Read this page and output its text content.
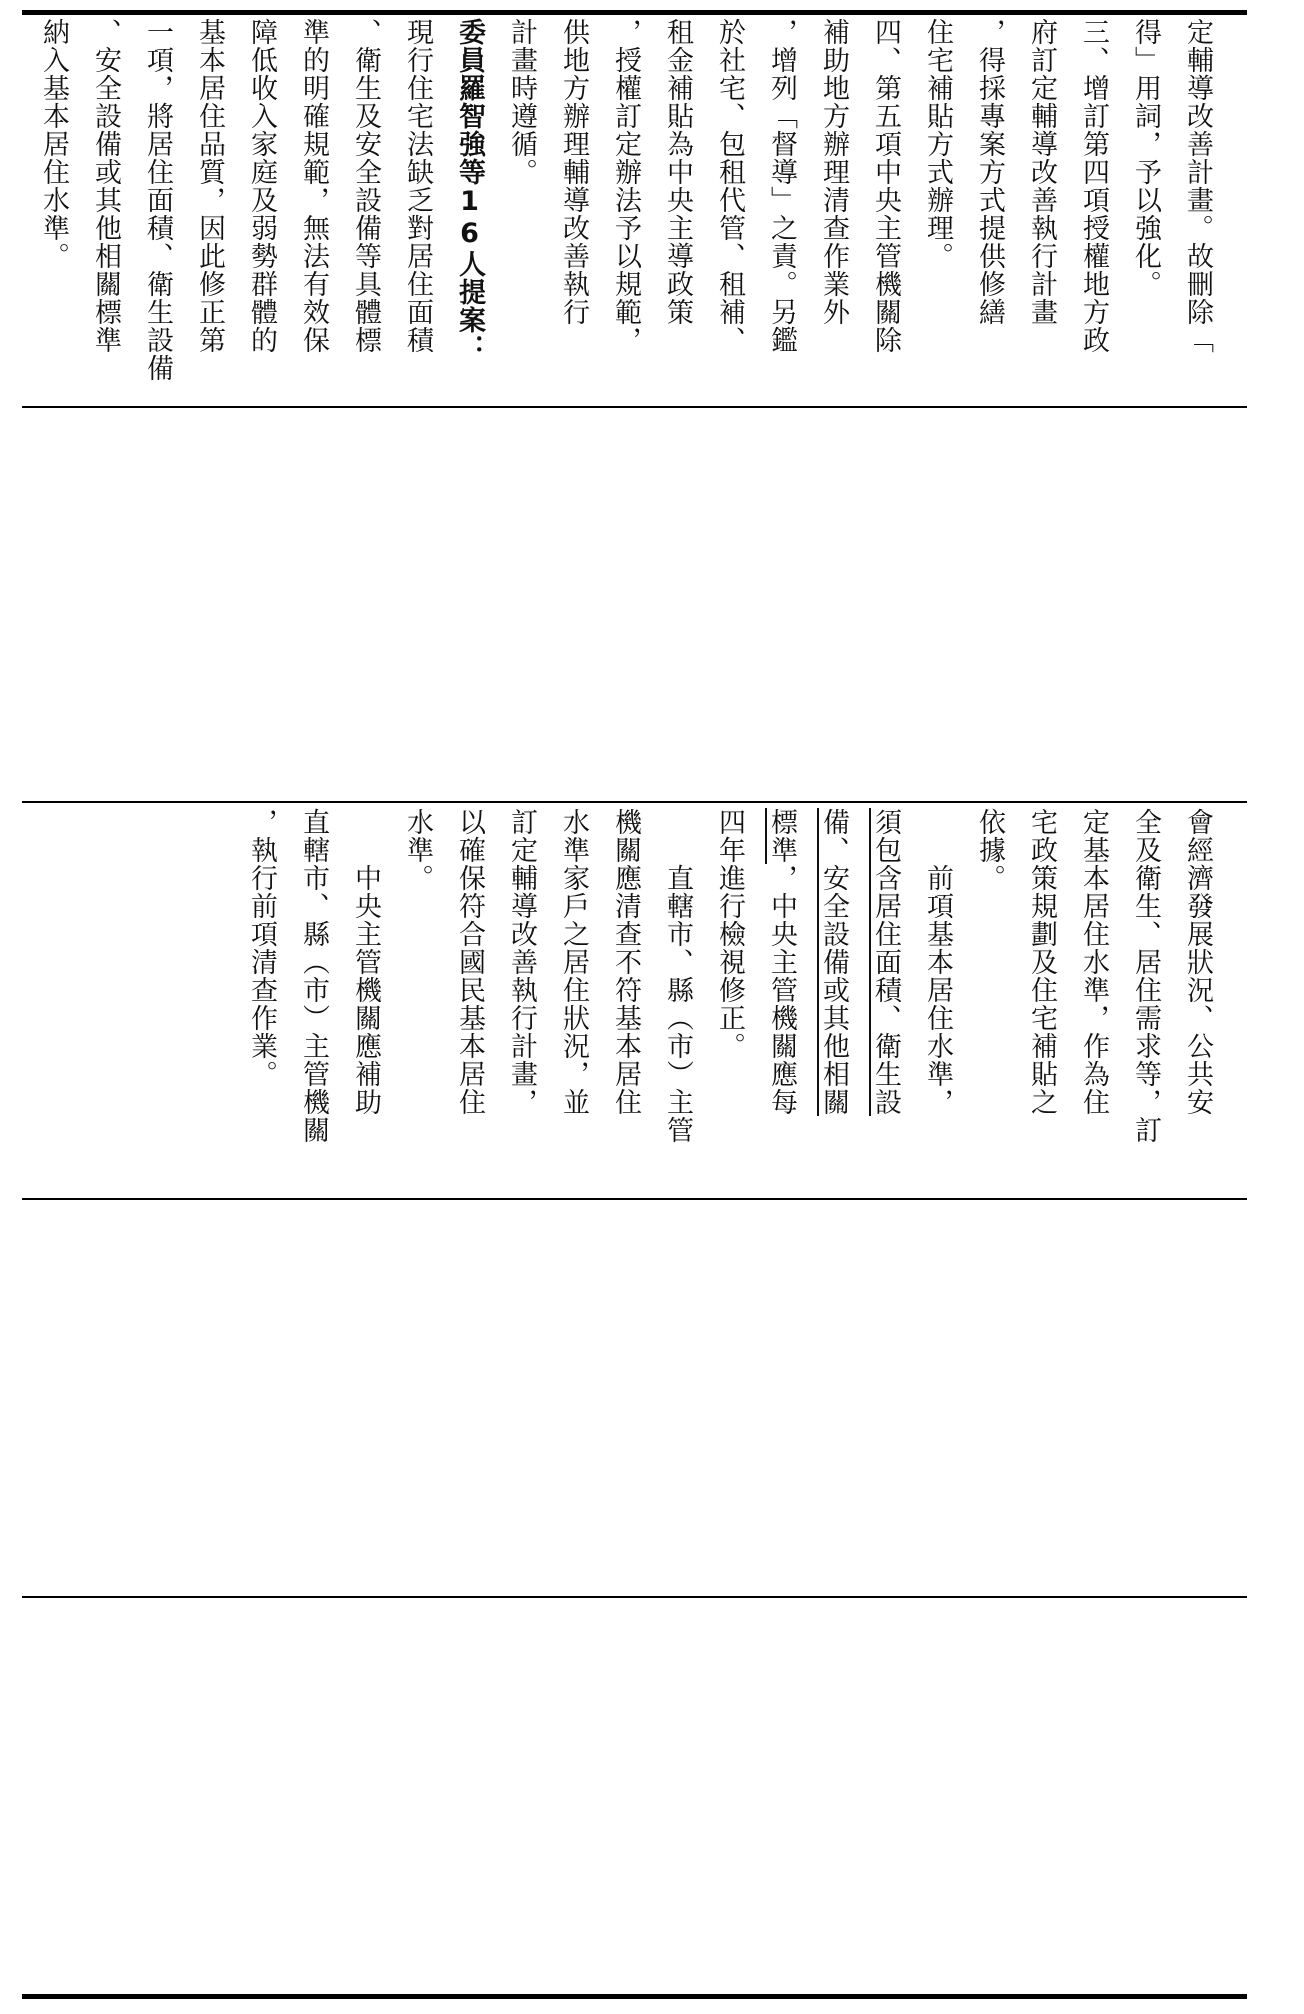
定輔導改善計畫。故刪除「
得」用詞，予以強化。
三、增訂第四項授權地方政
府訂定輔導改善執行計畫
，得採專案方式提供修繕
住宅補貼方式辦理。
四、第五項中央主管機關除
補助地方辦理清查作業外
，增列「督導」之責。另鑑
於社宅、包租代管、租補、
租金補貼為中央主導政策
，授權訂定辦法予以規範，
供地方辦理輔導改善執行
計畫時遵循。
委員羅智強等16人提案：
現行住宅法缺乏對居住面積
、衛生及安全設備等具體標
準的明確規範，無法有效保
障低收入家庭及弱勢群體的
基本居住品質，因此修正第
一項，將居住面積、衛生設備
、安全設備或其他相關標準
納入基本居住水準。
會經濟發展狀況、公共安
全及衛生、居住需求等，訂
定基本居住水準，作為住
宅政策規劃及住宅補貼之
依據。
　　前項基本居住水準，
須包含居住面積、衛生設
備、安全設備或其他相關
標準，中央主管機關應每
四年進行檢視修正。
　　直轄市、縣（市）主管
機關應清查不符基本居住
水準家戶之居住狀況，並
訂定輔導改善執行計畫，
以確保符合國民基本居住
水準。
　　中央主管機關應補助
直轄市、縣（市）主管機關
，執行前項清查作業。
